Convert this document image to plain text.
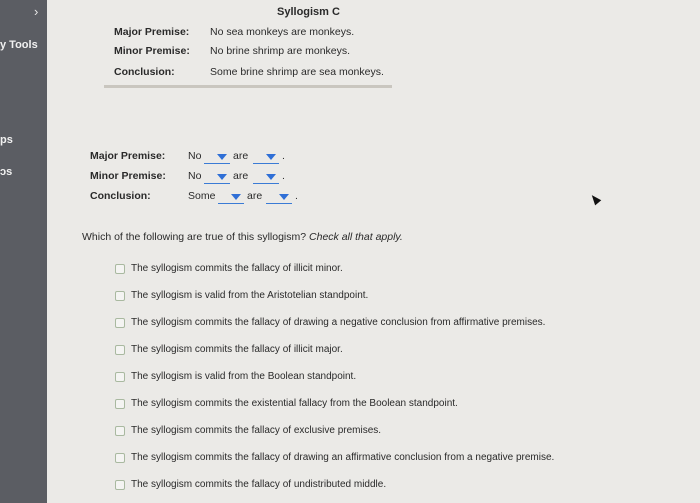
›
y Tools
ps
ɔs
Syllogism C
Major Premise: No sea monkeys are monkeys.
Minor Premise: No brine shrimp are monkeys.
Conclusion:	Some brine shrimp are sea monkeys.
Major Premise: No	are	.
Minor Premise: No	are	.
Conclusion:	Some	are	.
Which of the following are true of this syllogism? Check all that apply.
The syllogism commits the fallacy of illicit minor.
The syllogism is valid from the Aristotelian standpoint.
The syllogism commits the fallacy of drawing a negative conclusion from affirmative premises.
The syllogism commits the fallacy of illicit major.
The syllogism is valid from the Boolean standpoint.
The syllogism commits the existential fallacy from the Boolean standpoint.
The syllogism commits the fallacy of exclusive premises.
The syllogism commits the fallacy of drawing an affirmative conclusion from a negative premise.
The syllogism commits the fallacy of undistributed middle.
